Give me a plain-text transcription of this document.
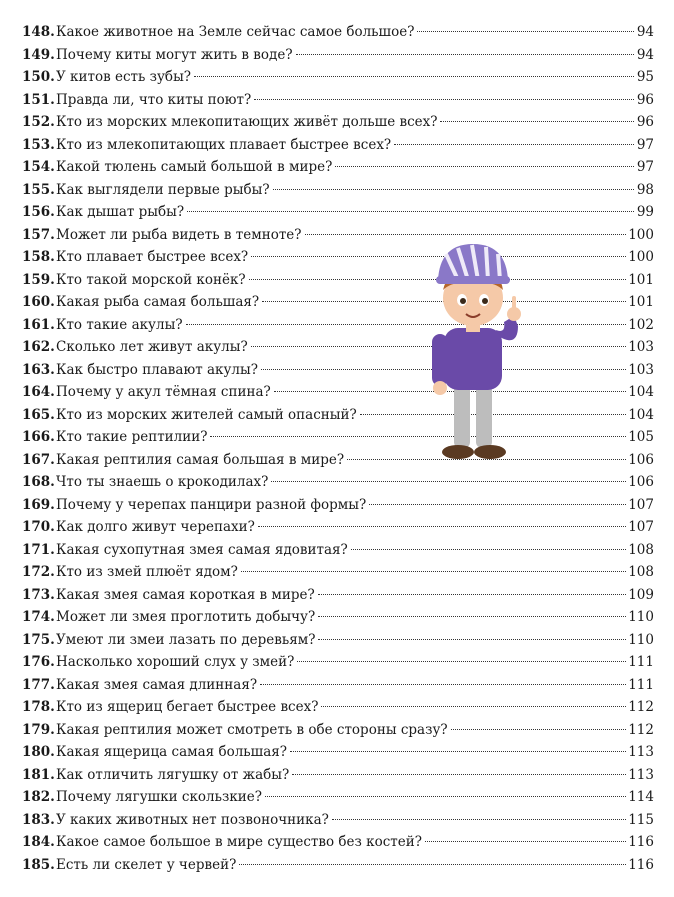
148. Какое животное на Земле сейчас самое большое?	94
149. Почему киты могут жить в воде?	94
150. У китов есть зубы?	95
151. Правда ли, что киты поют?	96
152. Кто из морских млекопитающих живёт дольше всех?	96
153. Кто из млекопитающих плавает быстрее всех?	97
154. Какой тюлень самый большой в мире?	97
155. Как выглядели первые рыбы?	98
156. Как дышат рыбы?	99
157. Может ли рыба видеть в темноте?	100
158. Кто плавает быстрее всех?	100
159. Кто такой морской конёк?	101
160. Какая рыба самая большая?	101
161. Кто такие акулы?	102
162. Сколько лет живут акулы?	103
163. Как быстро плавают акулы?	103
164. Почему у акул тёмная спина?	104
165. Кто из морских жителей самый опасный?	104
166. Кто такие рептилии?	105
167. Какая рептилия самая большая в мире?	106
168. Что ты знаешь о крокодилах?	106
169. Почему у черепах панцири разной формы?	107
170. Как долго живут черепахи?	107
171. Какая сухопутная змея самая ядовитая?	108
172. Кто из змей плюёт ядом?	108
173. Какая змея самая короткая в мире?	109
174. Может ли змея проглотить добычу?	110
175. Умеют ли змеи лазать по деревьям?	110
176. Насколько хороший слух у змей?	111
177. Какая змея самая длинная?	111
178. Кто из ящериц бегает быстрее всех?	112
179. Какая рептилия может смотреть в обе стороны сразу?	112
180. Какая ящерица самая большая?	113
181. Как отличить лягушку от жабы?	113
182. Почему лягушки скользкие?	114
183. У каких животных нет позвоночника?	115
184. Какое самое большое в мире существо без костей?	116
185. Есть ли скелет у червей?	116
